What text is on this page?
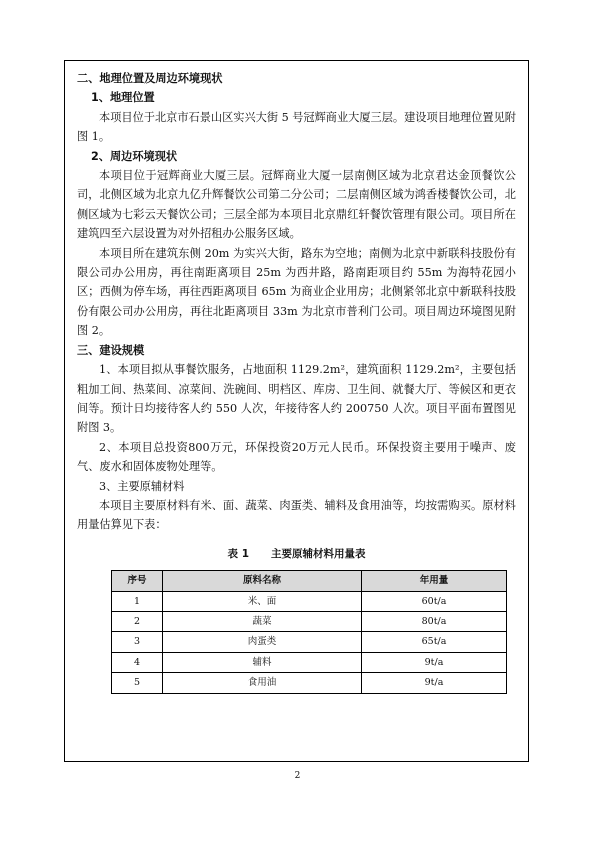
二、地理位置及周边环境现状
1、地理位置

本项目位于北京市石景山区实兴大街 5 号冠辉商业大厦三层。建设项目地理位置见附图 1。

2、周边环境现状

本项目位于冠辉商业大厦三层。冠辉商业大厦一层南侧区域为北京君达金顶餐饮公司，北侧区域为北京九亿升辉餐饮公司第二分公司；二层南侧区域为鸿香楼餐饮公司，北侧区域为七彩云天餐饮公司；三层全部为本项目北京鼎红轩餐饮管理有限公司。项目所在建筑四至六层设置为对外招租办公服务区域。

本项目所在建筑东侧 20m 为实兴大街，路东为空地；南侧为北京中新联科技股份有限公司办公用房，再往南距离项目 25m 为西井路，路南距项目约 55m 为海特花园小区；西侧为停车场，再往西距离项目 65m 为商业企业用房；北侧紧邻北京中新联科技股份有限公司办公用房，再往北距离项目 33m 为北京市普利门公司。项目周边环境图见附图 2。

三、建设规模

1、本项目拟从事餐饮服务，占地面积 1129.2m²，建筑面积 1129.2m²，主要包括粗加工间、热菜间、凉菜间、洗碗间、明档区、库房、卫生间、就餐大厅、等候区和更衣间等。预计日均接待客人约 550 人次，年接待客人约 200750 人次。项目平面布置图见附图 3。

2、本项目总投资800万元，环保投资20万元人民币。环保投资主要用于噪声、废气、废水和固体废物处理等。

3、主要原辅材料

本项目主要原材料有米、面、蔬菜、肉蛋类、辅料及食用油等，均按需购买。原材料用量估算见下表：

表 1      主要原辅材料用量表
序号	原料名称	年用量
1	米、面	60t/a
2	蔬菜	80t/a
3	肉蛋类	65t/a
4	辅料	9t/a
5	食用油	9t/a
2
